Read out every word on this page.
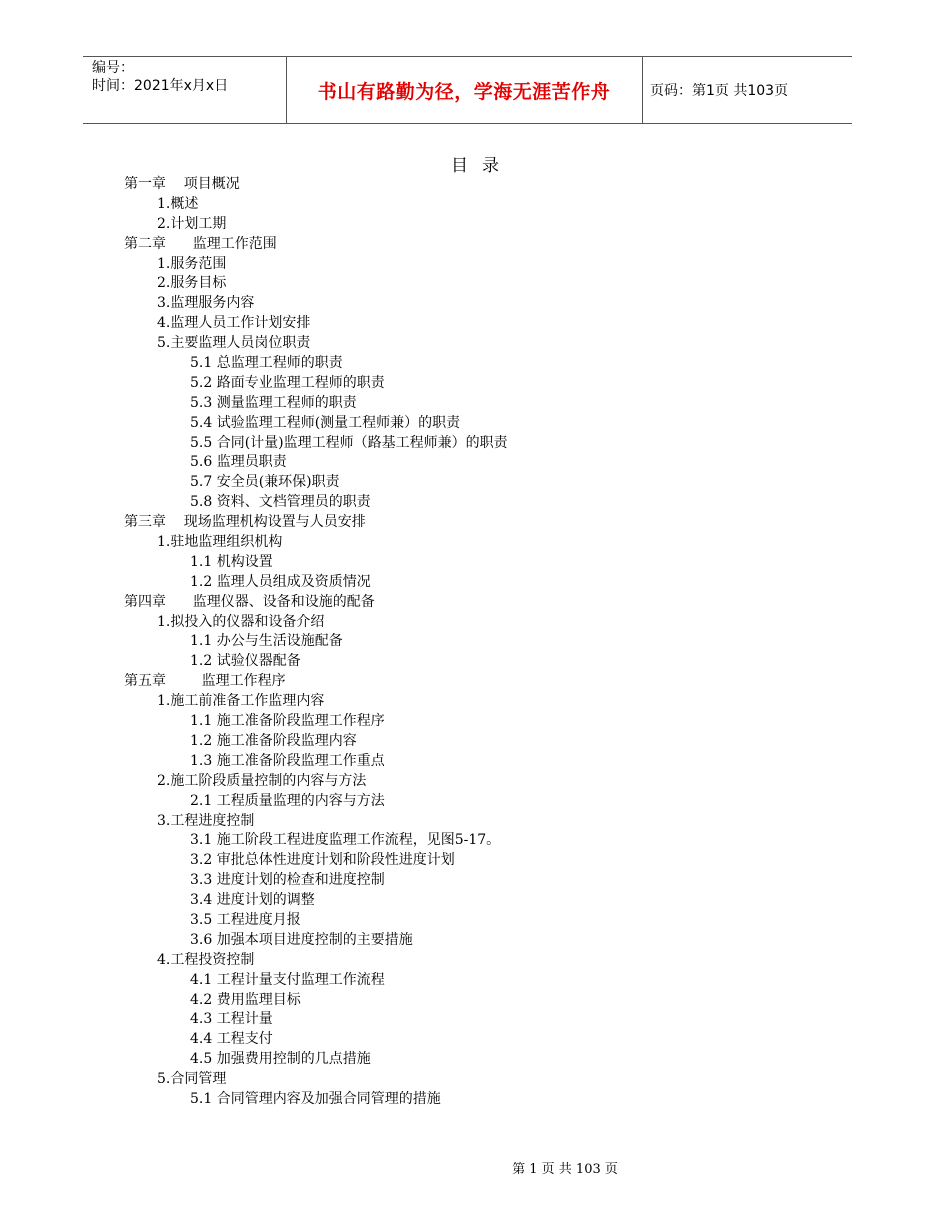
编号：
时间：2021年x月x日	书山有路勤为径，学海无涯苦作舟	页码：第1页 共103页
目录
第一章    项目概况
1.概述
2.计划工期
第二章      监理工作范围
1.服务范围
2.服务目标
3.监理服务内容
4.监理人员工作计划安排
5.主要监理人员岗位职责
5.1 总监理工程师的职责
5.2 路面专业监理工程师的职责
5.3 测量监理工程师的职责
5.4 试验监理工程师(测量工程师兼）的职责
5.5 合同(计量)监理工程师（路基工程师兼）的职责
5.6 监理员职责
5.7 安全员(兼环保)职责
5.8 资料、文档管理员的职责
第三章    现场监理机构设置与人员安排
1.驻地监理组织机构
1.1 机构设置
1.2 监理人员组成及资质情况
第四章      监理仪器、设备和设施的配备
1.拟投入的仪器和设备介绍
1.1 办公与生活设施配备
1.2 试验仪器配备
第五章        监理工作程序
1.施工前准备工作监理内容
1.1 施工准备阶段监理工作程序
1.2 施工准备阶段监理内容
1.3 施工准备阶段监理工作重点
2.施工阶段质量控制的内容与方法
2.1 工程质量监理的内容与方法
3.工程进度控制
3.1 施工阶段工程进度监理工作流程，见图5-17。
3.2 审批总体性进度计划和阶段性进度计划
3.3 进度计划的检查和进度控制
3.4 进度计划的调整
3.5 工程进度月报
3.6 加强本项目进度控制的主要措施
4.工程投资控制
4.1 工程计量支付监理工作流程
4.2 费用监理目标
4.3 工程计量
4.4 工程支付
4.5 加强费用控制的几点措施
5.合同管理
5.1 合同管理内容及加强合同管理的措施
第 1 页 共 103 页
